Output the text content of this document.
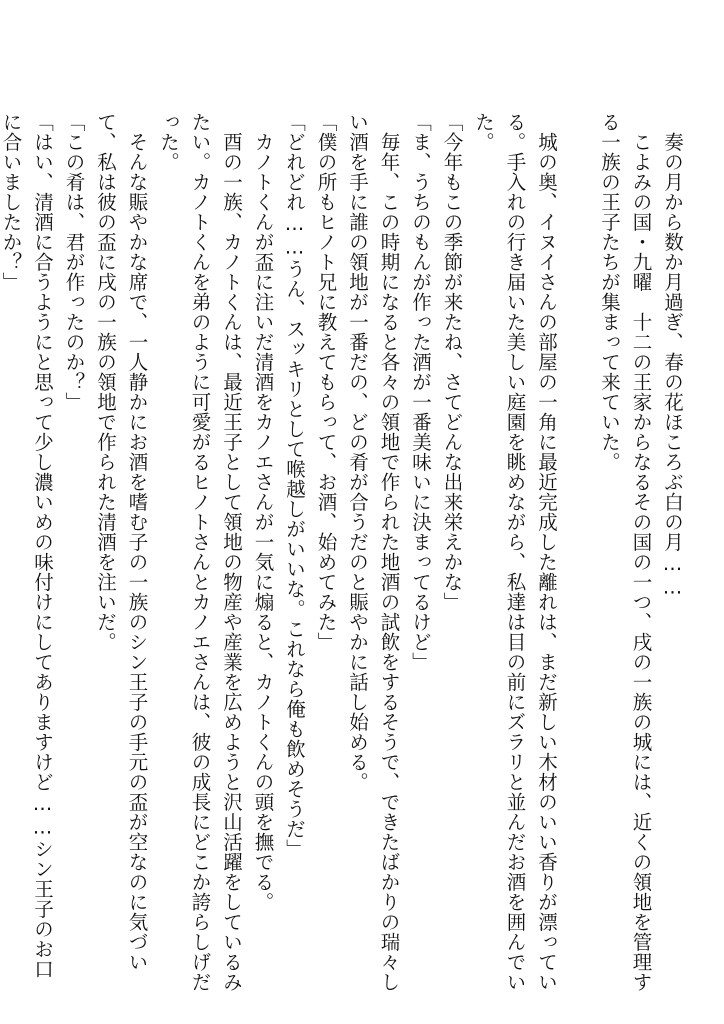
　奏の月から数か月過ぎ、春の花ほころぶ白の月……

　こよみの国・九曜　十二の王家からなるその国の一つ、戌の一族の城には、近くの領地を管理する一族の王子たちが集まって来ていた。

　城の奥、イヌイさんの部屋の一角に最近完成した離れは、まだ新しい木材のいい香りが漂っている。手入れの行き届いた美しい庭園を眺めながら、私達は目の前にズラリと並んだお酒を囲んでいた。

「今年もこの季節が来たね、さてどんな出来栄えかな」

「ま、うちのもんが作った酒が一番美味いに決まってるけど」

　毎年、この時期になると各々の領地で作られた地酒の試飲をするそうで、できたばかりの瑞々しい酒を手に誰の領地が一番だの、どの肴が合うだのと賑やかに話し始める。

「僕の所もヒノト兄に教えてもらって、お酒、始めてみた」

「どれどれ……うん、スッキリとして喉越しがいいな。これなら俺も飲めそうだ」

　カノトくんが盃に注いだ清酒をカノエさんが一気に煽ると、カノトくんの頭を撫でる。

　酉の一族、カノトくんは、最近王子として領地の物産や産業を広めようと沢山活躍をしているみたい。カノトくんを弟のように可愛がるヒノトさんとカノエさんは、彼の成長にどこか誇らしげだった。

　そんな賑やかな席で、一人静かにお酒を嗜む子の一族のシン王子の手元の盃が空なのに気づいて、私は彼の盃に戌の一族の領地で作られた清酒を注いだ。

「この肴は、君が作ったのか？」

「はい、清酒に合うようにと思って少し濃いめの味付けにしてありますけど……シン王子のお口に合いましたか？」
